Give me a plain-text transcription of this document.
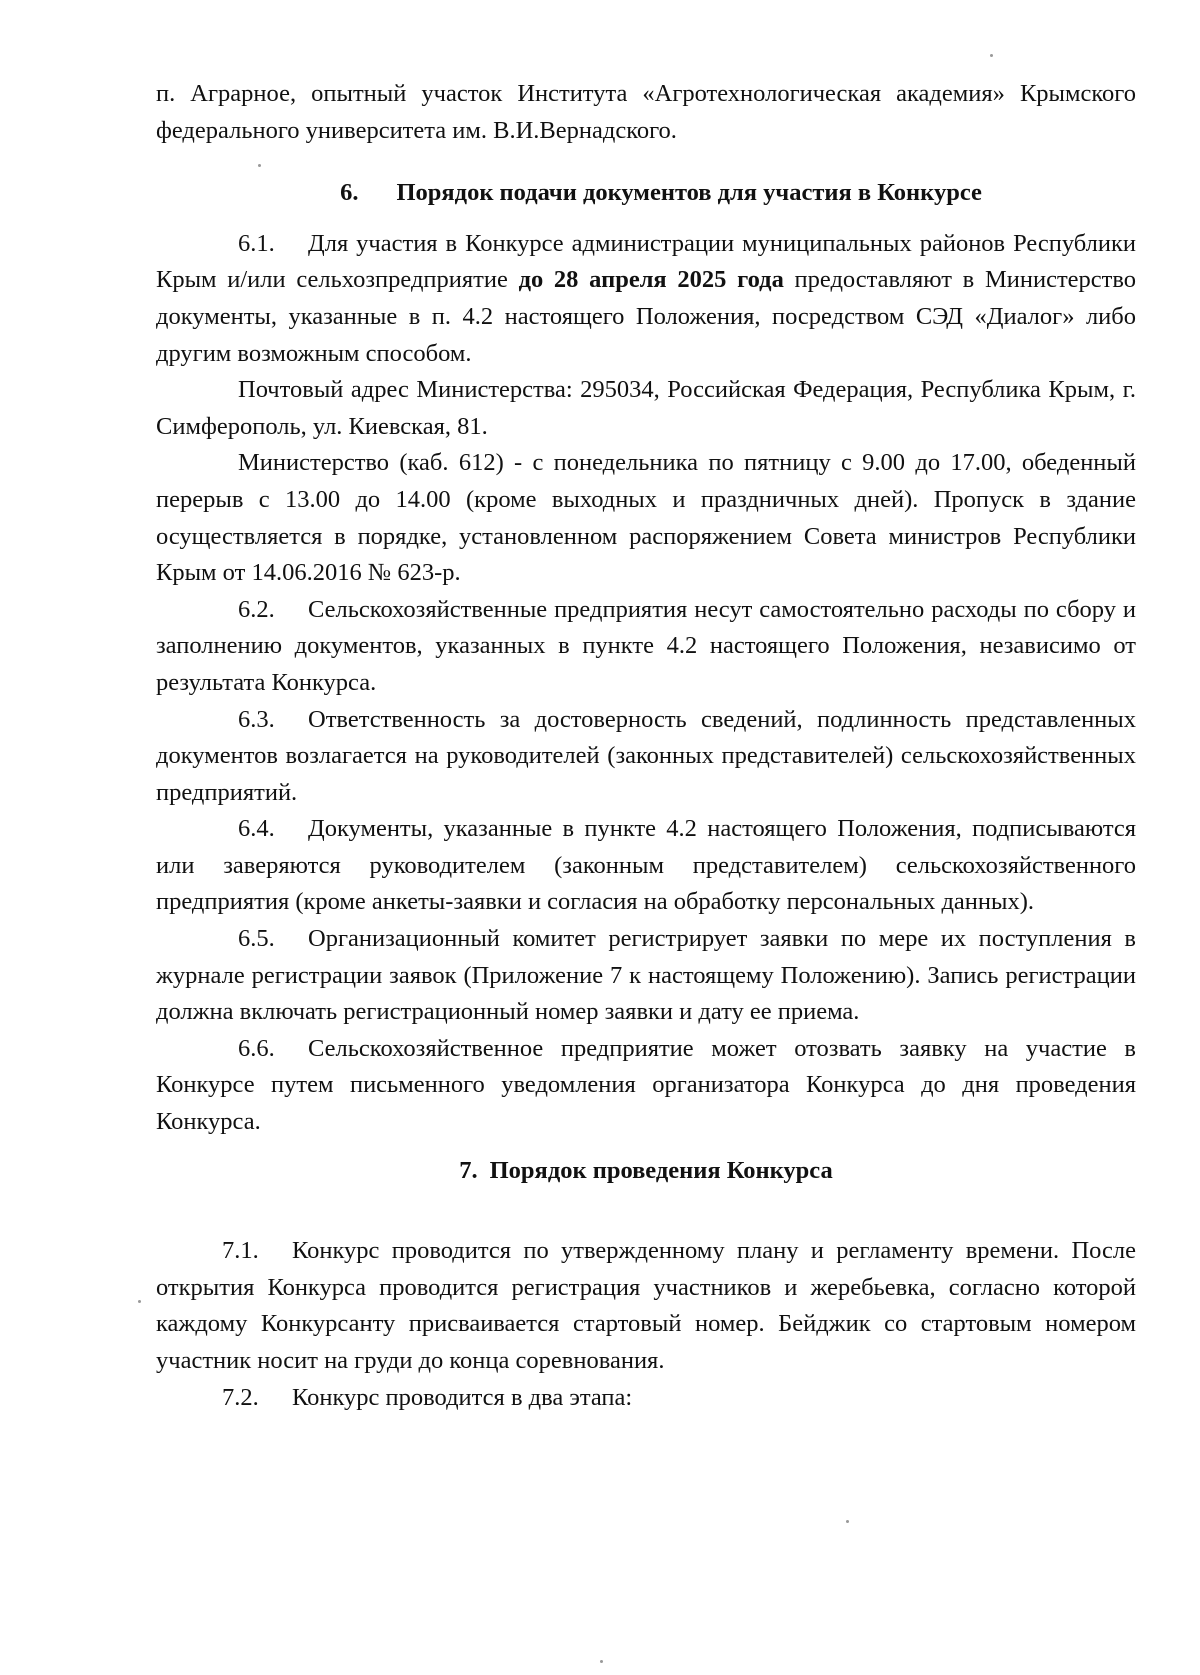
п. Аграрное, опытный участок Института «Агротехнологическая академия» Крымского федерального университета им. В.И.Вернадского.

6. Порядок подачи документов для участия в Конкурсе

6.1. Для участия в Конкурсе администрации муниципальных районов Республики Крым и/или сельхозпредприятие до 28 апреля 2025 года предоставляют в Министерство документы, указанные в п. 4.2 настоящего Положения, посредством СЭД «Диалог» либо другим возможным способом.

Почтовый адрес Министерства: 295034, Российская Федерация, Республика Крым, г. Симферополь, ул. Киевская, 81.

Министерство (каб. 612) - с понедельника по пятницу с 9.00 до 17.00, обеденный перерыв с 13.00 до 14.00 (кроме выходных и праздничных дней). Пропуск в здание осуществляется в порядке, установленном распоряжением Совета министров Республики Крым от 14.06.2016 № 623-р.

6.2. Сельскохозяйственные предприятия несут самостоятельно расходы по сбору и заполнению документов, указанных в пункте 4.2 настоящего Положения, независимо от результата Конкурса.

6.3. Ответственность за достоверность сведений, подлинность представленных документов возлагается на руководителей (законных представителей) сельскохозяйственных предприятий.

6.4. Документы, указанные в пункте 4.2 настоящего Положения, подписываются или заверяются руководителем (законным представителем) сельскохозяйственного предприятия (кроме анкеты-заявки и согласия на обработку персональных данных).

6.5. Организационный комитет регистрирует заявки по мере их поступления в журнале регистрации заявок (Приложение 7 к настоящему Положению). Запись регистрации должна включать регистрационный номер заявки и дату ее приема.

6.6. Сельскохозяйственное предприятие может отозвать заявку на участие в Конкурсе путем письменного уведомления организатора Конкурса до дня проведения Конкурса.

7. Порядок проведения Конкурса

7.1. Конкурс проводится по утвержденному плану и регламенту времени. После открытия Конкурса проводится регистрация участников и жеребьевка, согласно которой каждому Конкурсанту присваивается стартовый номер. Бейджик со стартовым номером участник носит на груди до конца соревнования.

7.2. Конкурс проводится в два этапа:
